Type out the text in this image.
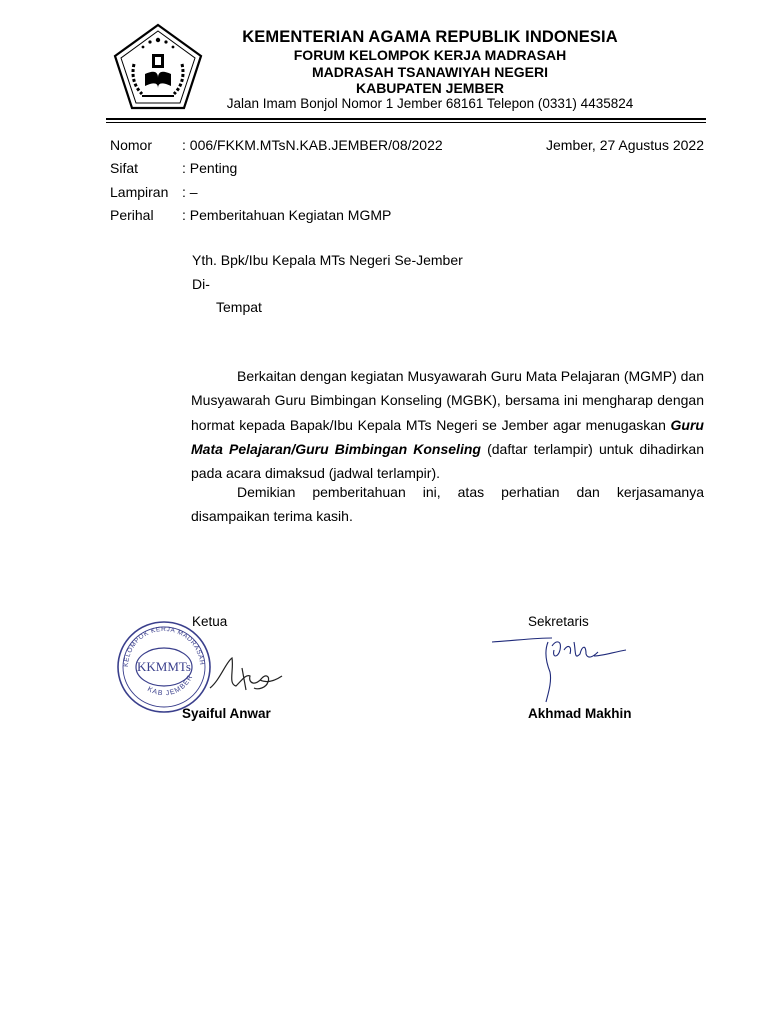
KEMENTERIAN AGAMA REPUBLIK INDONESIA
FORUM KELOMPOK KERJA MADRASAH
MADRASAH TSANAWIYAH NEGERI
KABUPATEN JEMBER
Jalan Imam Bonjol Nomor 1 Jember 68161 Telepon (0331) 4435824
Nomor : 006/FKKM.MTsN.KAB.JEMBER/08/2022	Jember, 27 Agustus 2022
Sifat	: Penting
Lampiran : –
Perihal : Pemberitahuan Kegiatan MGMP
Yth. Bpk/Ibu Kepala MTs Negeri Se-Jember
Di-
Tempat
Berkaitan dengan kegiatan Musyawarah Guru Mata Pelajaran (MGMP) dan Musyawarah Guru Bimbingan Konseling (MGBK), bersama ini mengharap dengan hormat kepada Bapak/Ibu Kepala MTs Negeri se Jember agar menugaskan Guru Mata Pelajaran/Guru Bimbingan Konseling (daftar terlampir) untuk dihadirkan pada acara dimaksud (jadwal terlampir).
Demikian pemberitahuan ini, atas perhatian dan kerjasamanya disampaikan terima kasih.
Ketua	Sekretaris
KELOMPOK KERJA MADRASAH
KAB JEMBER
KKMMTs
Syaiful Anwar	Akhmad Makhin
